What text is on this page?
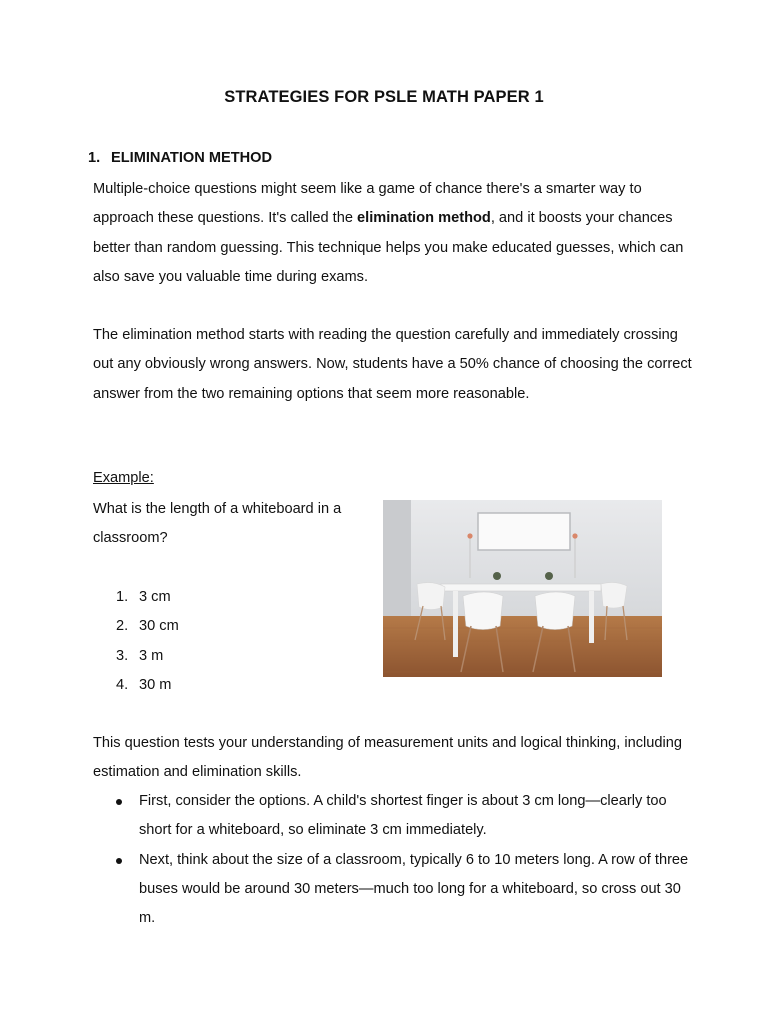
STRATEGIES FOR PSLE MATH PAPER 1
1. ELIMINATION METHOD

Multiple-choice questions might seem like a game of chance there's a smarter way to approach these questions. It's called the elimination method, and it boosts your chances better than random guessing. This technique helps you make educated guesses, which can also save you valuable time during exams.

The elimination method starts with reading the question carefully and immediately crossing out any obviously wrong answers. Now, students have a 50% chance of choosing the correct answer from the two remaining options that seem more reasonable.

Example:

What is the length of a whiteboard in a classroom?

1. 3 cm
2. 30 cm
3. 3 m
4. 30 m

This question tests your understanding of measurement units and logical thinking, including estimation and elimination skills.

First, consider the options. A child's shortest finger is about 3 cm long—clearly too short for a whiteboard, so eliminate 3 cm immediately.
Next, think about the size of a classroom, typically 6 to 10 meters long. A row of three buses would be around 30 meters—much too long for a whiteboard, so cross out 30 m.
